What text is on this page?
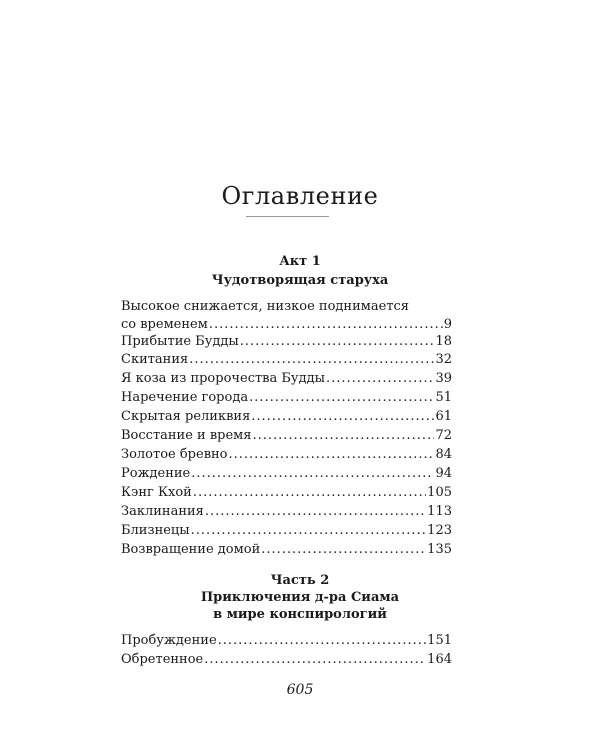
Оглавление
Акт 1
Чудотворящая старуха
Высокое снижается, низкое поднимается
со временем .....	9
Прибытие Будды .....	18
Скитания .....	32
Я коза из пророчества Будды .....	39
Наречение города .....	51
Скрытая реликвия .....	61
Восстание и время .....	72
Золотое бревно .....	84
Рождение .....	94
Кэнг Кхой .....	105
Заклинания .....	113
Близнецы .....	123
Возвращение домой .....	135
Часть 2
Приключения д-ра Сиама
в мире конспирологий
Пробуждение .....	151
Обретенное .....	164
605
